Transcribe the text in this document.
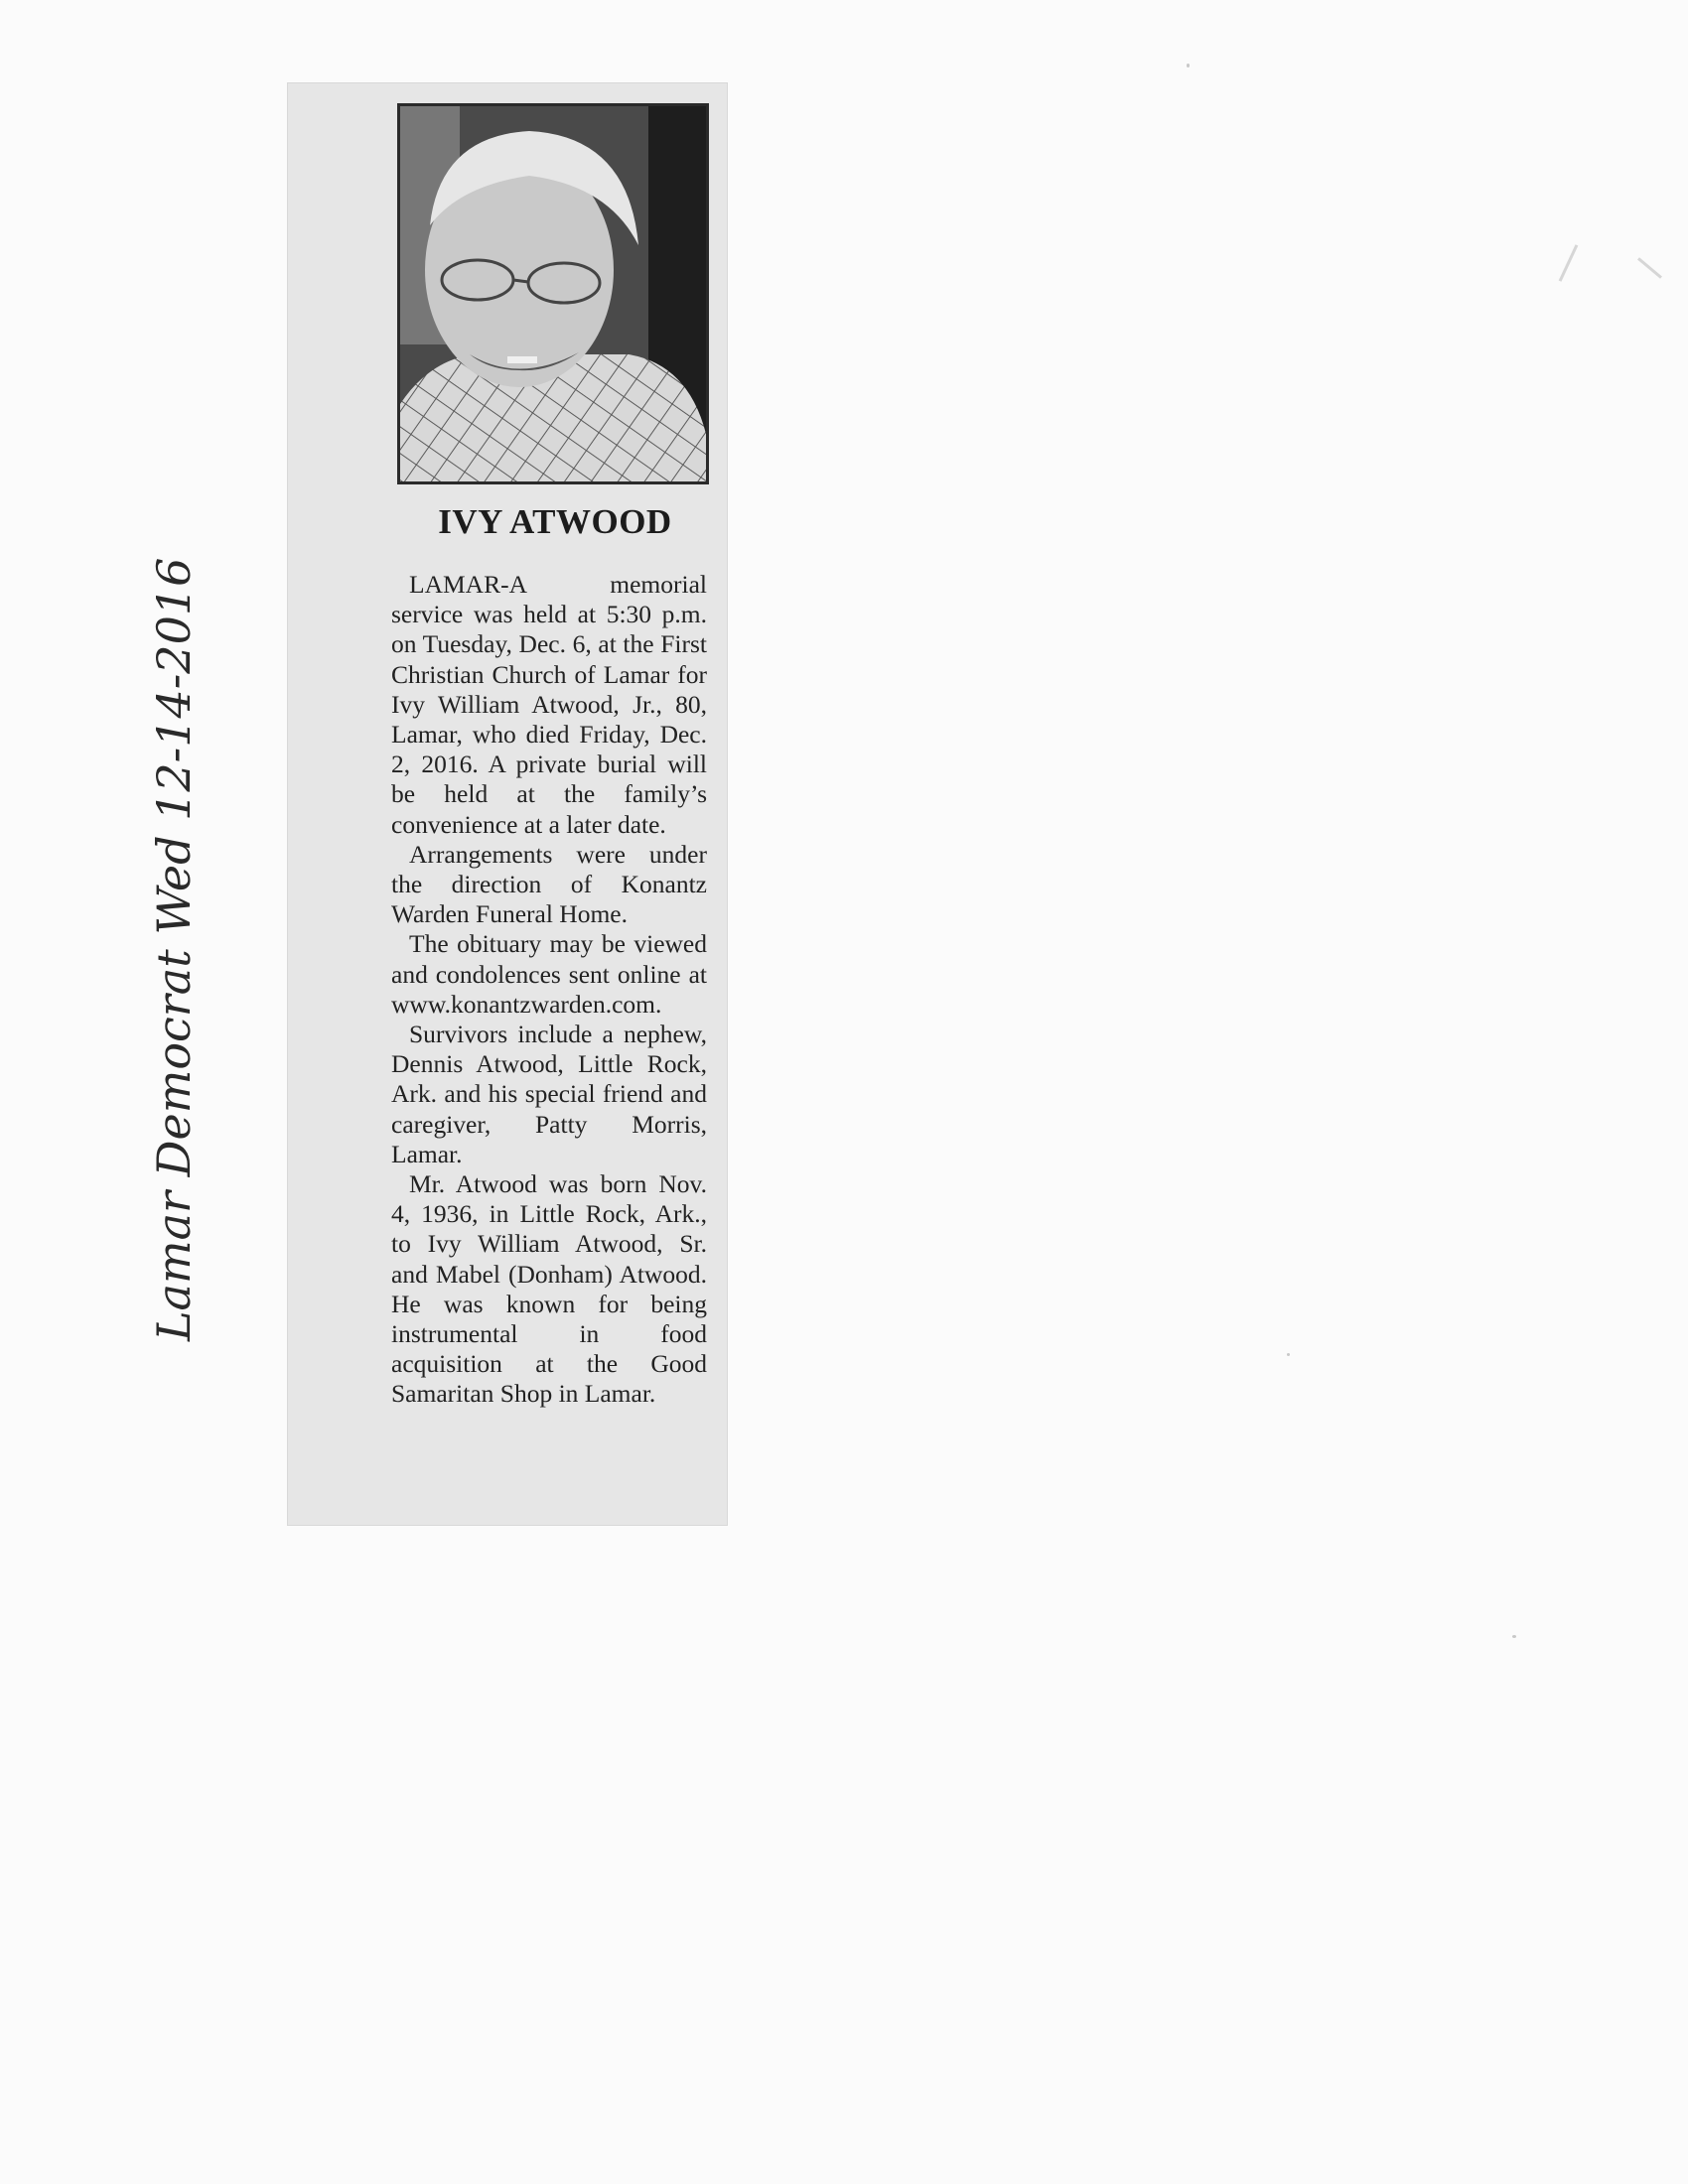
Lamar Democrat Wed 12-14-2016
IVY ATWOOD

LAMAR-A memorial service was held at 5:30 p.m. on Tuesday, Dec. 6, at the First Christian Church of Lamar for Ivy William Atwood, Jr., 80, Lamar, who died Friday, Dec. 2, 2016. A private burial will be held at the family’s convenience at a later date.

Arrangements were under the direction of Konantz Warden Funeral Home.

The obituary may be viewed and condolences sent online at www.konantzwarden.com.

Survivors include a nephew, Dennis Atwood, Little Rock, Ark. and his special friend and caregiver, Patty Morris, Lamar.

Mr. Atwood was born Nov. 4, 1936, in Little Rock, Ark., to Ivy William Atwood, Sr. and Mabel (Donham) Atwood. He was known for being instrumental in food acquisition at the Good Samaritan Shop in Lamar.
